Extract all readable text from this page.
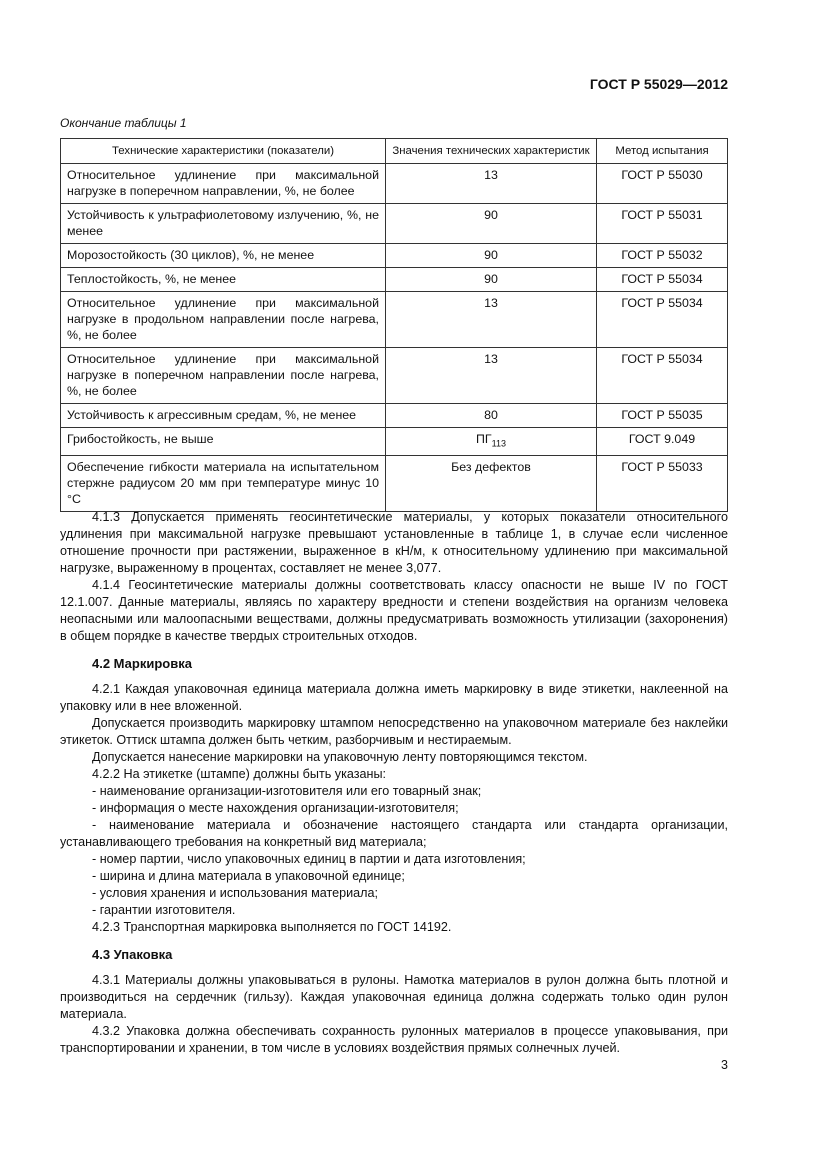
ГОСТ Р 55029—2012
Окончание таблицы 1
Технические характеристики (показатели)	Значения технических характеристик	Метод испытания
Относительное удлинение при максимальной нагрузке в поперечном направлении, %, не более	13	ГОСТ Р 55030
Устойчивость к ультрафиолетовому излучению, %, не менее	90	ГОСТ Р 55031
Морозостойкость (30 циклов), %, не менее	90	ГОСТ Р 55032
Теплостойкость, %, не менее	90	ГОСТ Р 55034
Относительное удлинение при максимальной нагрузке в продольном направлении после нагрева, %, не более	13	ГОСТ Р 55034
Относительное удлинение при максимальной нагрузке в поперечном направлении после нагрева, %, не более	13	ГОСТ Р 55034
Устойчивость к агрессивным средам, %, не менее	80	ГОСТ Р 55035
Грибостойкость, не выше	$ПГ_{113}$	ГОСТ 9.049
Обеспечение гибкости материала на испытательном стержне радиусом 20 мм при температуре минус 10 °С	Без дефектов	ГОСТ Р 55033

4.1.3 Допускается применять геосинтетические материалы, у которых показатели относительного удлинения при максимальной нагрузке превышают установленные в таблице 1, в случае если численное отношение прочности при растяжении, выраженное в кН/м, к относительному удлинению при максимальной нагрузке, выраженному в процентах, составляет не менее 3,077.

4.1.4 Геосинтетические материалы должны соответствовать классу опасности не выше IV по ГОСТ 12.1.007. Данные материалы, являясь по характеру вредности и степени воздействия на организм человека неопасными или малоопасными веществами, должны предусматривать возможность утилизации (захоронения) в общем порядке в качестве твердых строительных отходов.

4.2 Маркировка

4.2.1 Каждая упаковочная единица материала должна иметь маркировку в виде этикетки, наклеенной на упаковку или в нее вложенной.

Допускается производить маркировку штампом непосредственно на упаковочном материале без наклейки этикеток. Оттиск штампа должен быть четким, разборчивым и нестираемым.

Допускается нанесение маркировки на упаковочную ленту повторяющимся текстом.

4.2.2 На этикетке (штампе) должны быть указаны:

- наименование организации-изготовителя или его товарный знак;

- информация о месте нахождения организации-изготовителя;

- наименование материала и обозначение настоящего стандарта или стандарта организации, устанавливающего требования на конкретный вид материала;

- номер партии, число упаковочных единиц в партии и дата изготовления;

- ширина и длина материала в упаковочной единице;

- условия хранения и использования материала;

- гарантии изготовителя.

4.2.3 Транспортная маркировка выполняется по ГОСТ 14192.

4.3 Упаковка

4.3.1 Материалы должны упаковываться в рулоны. Намотка материалов в рулон должна быть плотной и производиться на сердечник (гильзу). Каждая упаковочная единица должна содержать только один рулон материала.

4.3.2 Упаковка должна обеспечивать сохранность рулонных материалов в процессе упаковывания, при транспортировании и хранении, в том числе в условиях воздействия прямых солнечных лучей.

3
